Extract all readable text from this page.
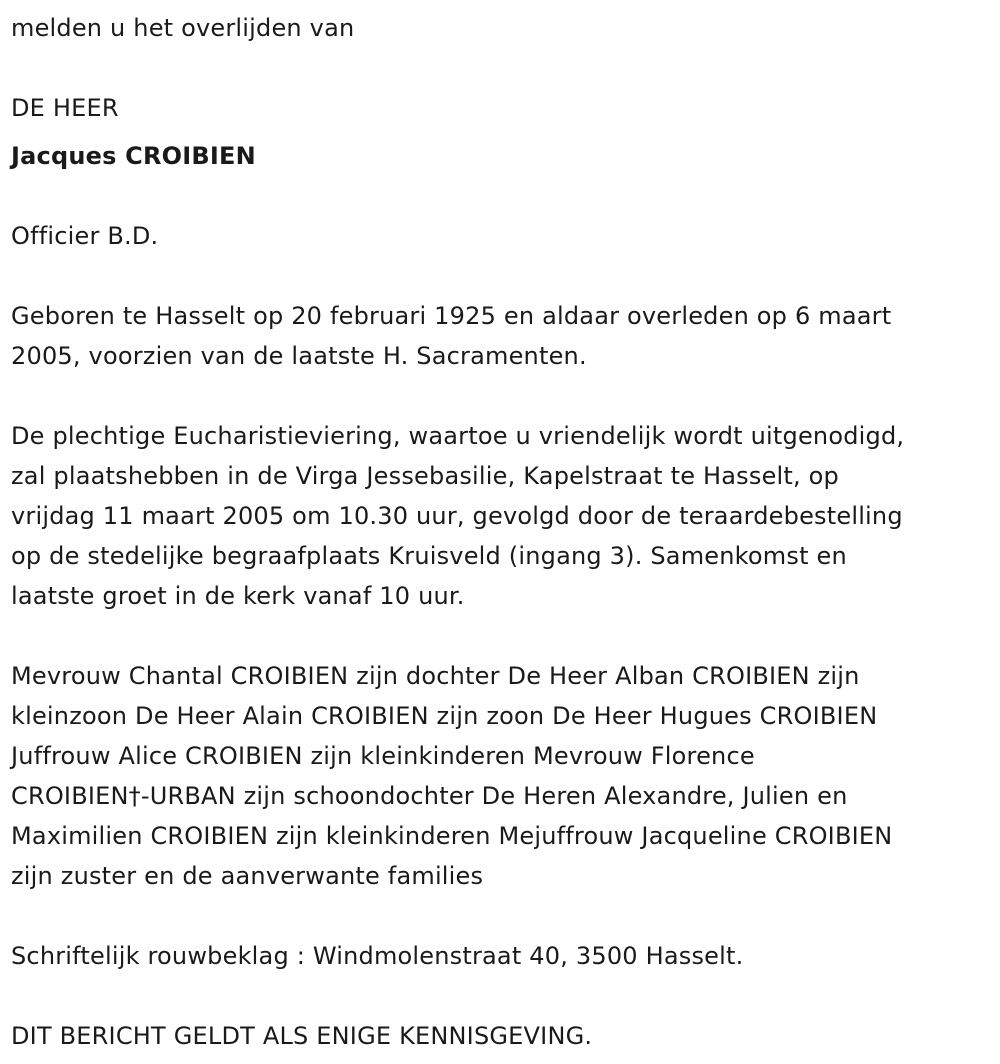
melden u het overlijden van

DE HEER

Jacques CROIBIEN

Officier B.D.

Geboren te Hasselt op 20 februari 1925 en aldaar overleden op 6 maart

2005, voorzien van de laatste H. Sacramenten.

De plechtige Eucharistieviering, waartoe u vriendelijk wordt uitgenodigd,

zal plaatshebben in de Virga Jessebasilie, Kapelstraat te Hasselt, op

vrijdag 11 maart 2005 om 10.30 uur, gevolgd door de teraardebestelling

op de stedelijke begraafplaats Kruisveld (ingang 3). Samenkomst en

laatste groet in de kerk vanaf 10 uur.

Mevrouw Chantal CROIBIEN zijn dochter De Heer Alban CROIBIEN zijn

kleinzoon De Heer Alain CROIBIEN zijn zoon De Heer Hugues CROIBIEN

Juffrouw Alice CROIBIEN zijn kleinkinderen Mevrouw Florence

CROIBIEN†-URBAN zijn schoondochter De Heren Alexandre, Julien en

Maximilien CROIBIEN zijn kleinkinderen Mejuffrouw Jacqueline CROIBIEN

zijn zuster en de aanverwante families

Schriftelijk rouwbeklag : Windmolenstraat 40, 3500 Hasselt.

DIT BERICHT GELDT ALS ENIGE KENNISGEVING.
